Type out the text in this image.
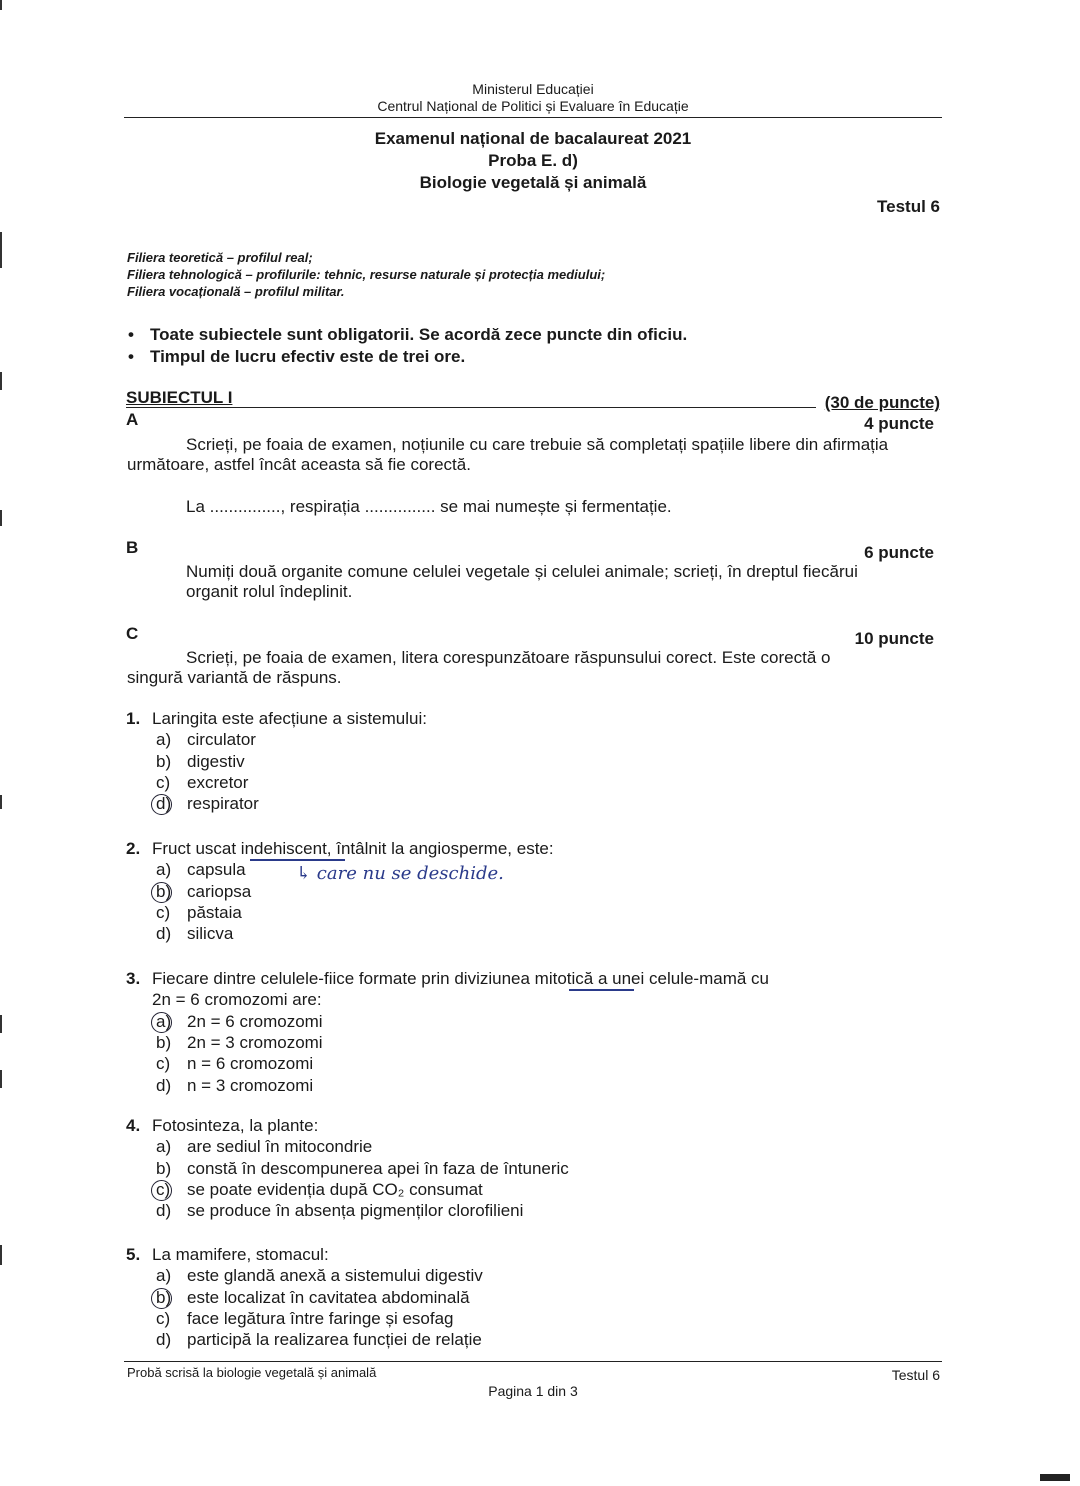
Ministerul Educației
Centrul Național de Politici și Evaluare în Educație
Examenul național de bacalaureat 2021
Proba E. d)
Biologie vegetală și animală
Testul 6
Filiera teoretică – profilul real;
Filiera tehnologică – profilurile: tehnic, resurse naturale și protecția mediului;
Filiera vocațională – profilul militar.
• Toate subiectele sunt obligatorii. Se acordă zece puncte din oficiu.
• Timpul de lucru efectiv este de trei ore.
SUBIECTUL I	(30 de puncte)
A	4 puncte
Scrieți, pe foaia de examen, noțiunile cu care trebuie să completați spațiile libere din afirmația
următoare, astfel încât aceasta să fie corectă.
La ..............., respirația ............... se mai numește și fermentație.
B	6 puncte
Numiți două organite comune celulei vegetale și celulei animale; scrieți, în dreptul fiecărui
organit rolul îndeplinit.
C	10 puncte
Scrieți, pe foaia de examen, litera corespunzătoare răspunsului corect. Este corectă o
singură variantă de răspuns.
1. Laringita este afecțiune a sistemului:
a) circulator
b) digestiv
c) excretor
d) respirator
2. Fruct uscat indehiscent, întâlnit la angiosperme, este:
a) capsula
b) cariopsa
c) păstaia
d) silicva
3. Fiecare dintre celulele-fiice formate prin diviziunea mitotică a unei celule-mamă cu
2n = 6 cromozomi are:
a) 2n = 6 cromozomi
b) 2n = 3 cromozomi
c) n = 6 cromozomi
d) n = 3 cromozomi
4. Fotosinteza, la plante:
a) are sediul în mitocondrie
b) constă în descompunerea apei în faza de întuneric
c) se poate evidenția după CO₂ consumat
d) se produce în absența pigmenților clorofilieni
5. La mamifere, stomacul:
a) este glandă anexă a sistemului digestiv
b) este localizat în cavitatea abdominală
c) face legătura între faringe și esofag
d) participă la realizarea funcției de relație
↳ care nu se deschide.
Probă scrisă la biologie vegetală și animală	Testul 6
Pagina 1 din 3
